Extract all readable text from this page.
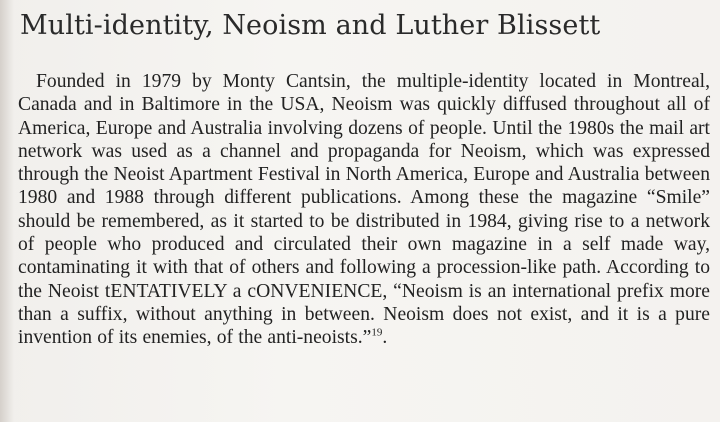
Multi-identity, Neoism and Luther Blissett

Founded in 1979 by Monty Cantsin, the multiple-identity located in Montreal, Canada and in Baltimore in the USA, Neoism was quickly diffused throughout all of America, Europe and Australia involving dozens of people. Until the 1980s the mail art network was used as a channel and propaganda for Neoism, which was expressed through the Neoist Apartment Festival in North America, Europe and Australia between 1980 and 1988 through different publications. Among these the magazine “Smile” should be remembered, as it started to be distributed in 1984, giving rise to a network of people who produced and circulated their own magazine in a self made way, contaminating it with that of others and following a procession-like path. According to the Neoist tENTATIVELY a cONVENIENCE, “Neoism is an international prefix more than a suffix, without anything in between. Neoism does not exist, and it is a pure invention of its enemies, of the anti-neoists.”$^{19}$.
